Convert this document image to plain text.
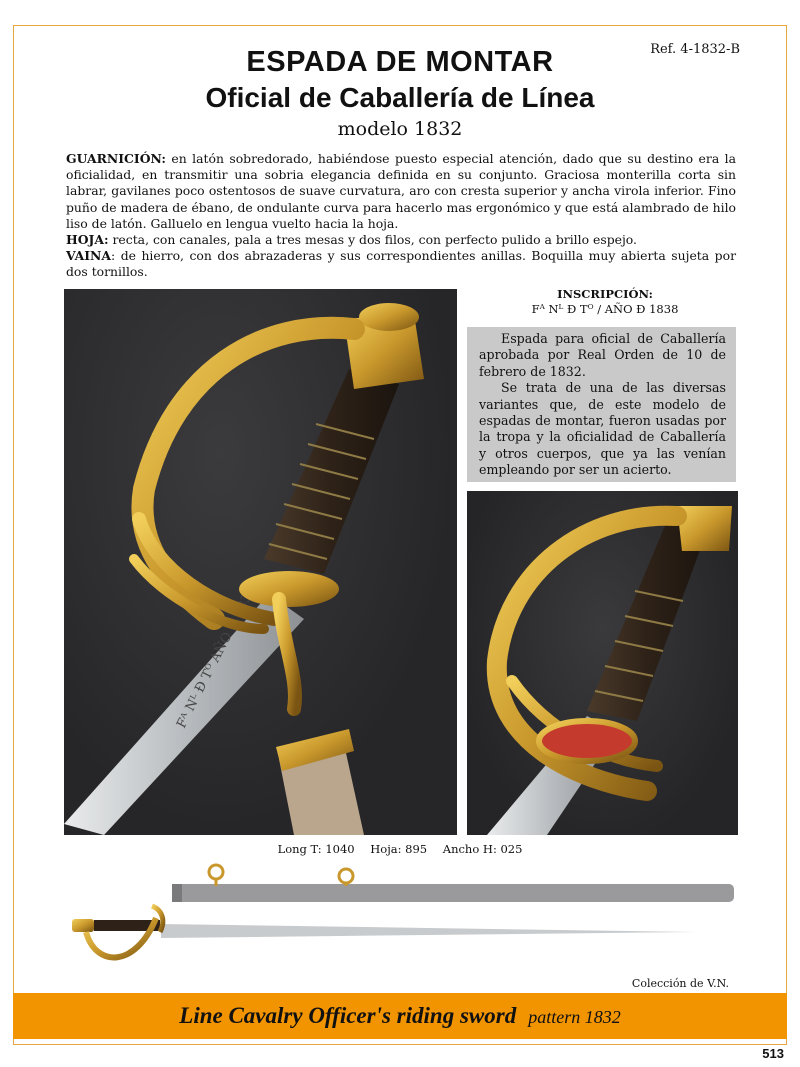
Ref. 4-1832-B
ESPADA DE MONTAR
Oficial de Caballería de Línea
modelo 1832

GUARNICIÓN: en latón sobredorado, habiéndose puesto especial atención, dado que su destino era la oficialidad, en transmitir una sobria elegancia definida en su conjunto. Graciosa monterilla corta sin labrar, gavilanes poco ostentosos de suave curvatura, aro con cresta superior y ancha virola inferior. Fino puño de madera de ébano, de ondulante curva para hacerlo mas ergonómico y que está alambrado de hilo liso de latón. Galluelo en lengua vuelto hacia la hoja.

HOJA: recta, con canales, pala a tres mesas y dos filos, con perfecto pulido a brillo espejo.

VAINA: de hierro, con dos abrazaderas y sus correspondientes anillas. Boquilla muy abierta sujeta por dos tornillos.

Fᴬ Nᴸ Đ Tᴼ AÑO Đ 183
INSCRIPCIÓN:
Fᴬ Nᴸ Đ Tᴼ / AÑO Đ 1838

Espada para oficial de Caballería aprobada por Real Orden de 10 de febrero de 1832.

Se trata de una de las diversas variantes que, de este modelo de espadas de montar, fueron usadas por la tropa y la oficialidad de Caballería y otros cuerpos, que ya las venían empleando por ser un acierto.

Long T: 1040 Hoja: 895 Ancho H: 025
Colección de V.N.
Line Cavalry Officer's riding sword pattern 1832
513
